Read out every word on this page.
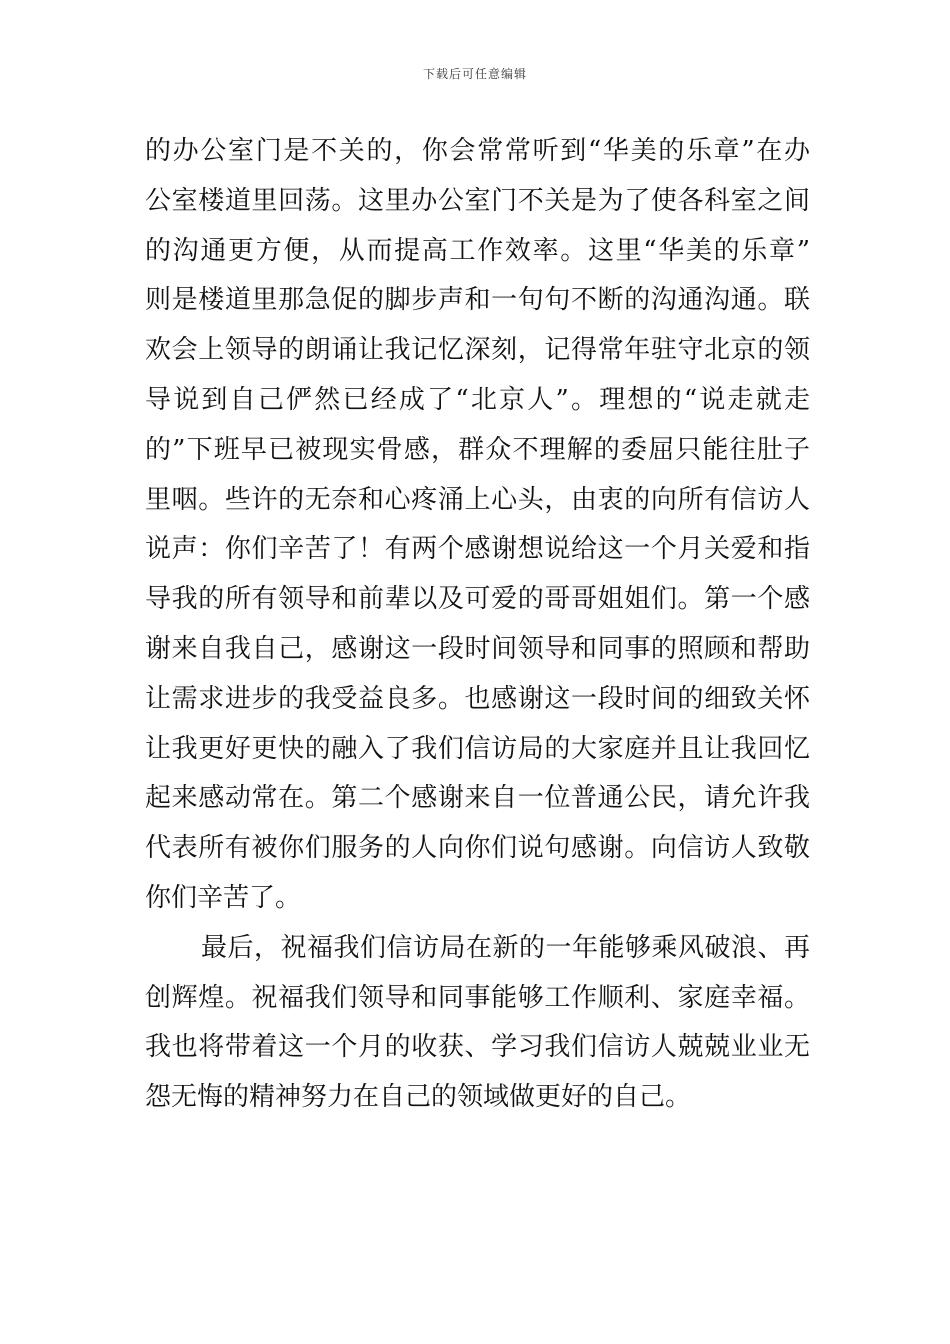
下载后可任意编辑
的办公室门是不关的，你会常常听到“华美的乐章”在办
公室楼道里回荡。这里办公室门不关是为了使各科室之间
的沟通更方便，从而提高工作效率。这里“华美的乐章”
则是楼道里那急促的脚步声和一句句不断的沟通沟通。联
欢会上领导的朗诵让我记忆深刻，记得常年驻守北京的领
导说到自己俨然已经成了“北京人”。理想的“说走就走
的”下班早已被现实骨感，群众不理解的委屈只能往肚子
里咽。些许的无奈和心疼涌上心头，由衷的向所有信访人
说声：你们辛苦了！有两个感谢想说给这一个月关爱和指
导我的所有领导和前辈以及可爱的哥哥姐姐们。第一个感
谢来自我自己，感谢这一段时间领导和同事的照顾和帮助
让需求进步的我受益良多。也感谢这一段时间的细致关怀
让我更好更快的融入了我们信访局的大家庭并且让我回忆
起来感动常在。第二个感谢来自一位普通公民，请允许我
代表所有被你们服务的人向你们说句感谢。向信访人致敬
你们辛苦了。
最后，祝福我们信访局在新的一年能够乘风破浪、再
创辉煌。祝福我们领导和同事能够工作顺利、家庭幸福。
我也将带着这一个月的收获、学习我们信访人兢兢业业无
怨无悔的精神努力在自己的领域做更好的自己。
